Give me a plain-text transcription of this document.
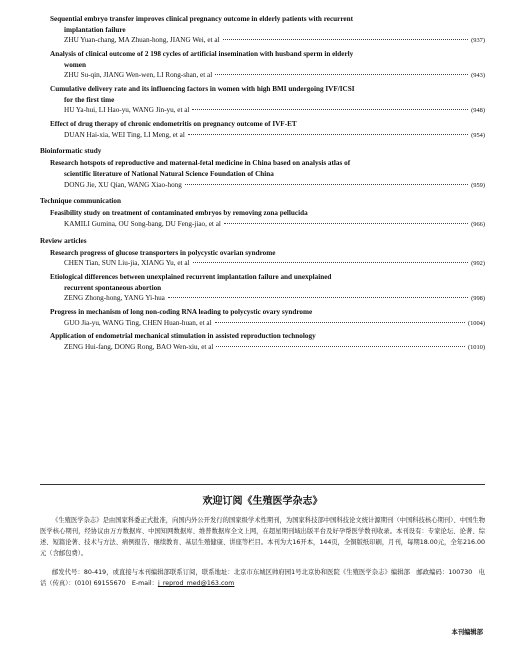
Sequential embryo transfer improves clinical pregnancy outcome in elderly patients with recurrent
implantation failure
ZHU Yuan-chang, MA Zhuan-hong, JIANG Wei, et al	(937)
Analysis of clinical outcome of 2 198 cycles of artificial insemination with husband sperm in elderly
women
ZHU Su-qin, JIANG Wen-wen, LI Rong-shan, et al	(943)
Cumulative delivery rate and its influencing factors in women with high BMI undergoing IVF/ICSI
for the first time
HU Ya-hui, LI Hao-yu, WANG Jin-yu, et al	(948)
Effect of drug therapy of chronic endometritis on pregnancy outcome of IVF-ET
DUAN Hai-xia, WEI Ting, LI Meng, et al	(954)
Bioinformatic study
Research hotspots of reproductive and maternal-fetal medicine in China based on analysis atlas of
scientific literature of National Natural Science Foundation of China
DONG Jie, XU Qian, WANG Xiao-hong	(959)
Technique communication
Feasibility study on treatment of contaminated embryos by removing zona pellucida
KAMILI Gumina, OU Song-bang, DU Feng-jiao, et al	(966)
Review articles
Research progress of glucose transporters in polycystic ovarian syndrome
CHEN Tian, SUN Liu-jia, XIANG Yu, et al	(992)
Etiological differences between unexplained recurrent implantation failure and unexplained
recurrent spontaneous abortion
ZENG Zhong-hong, YANG Yi-hua	(998)
Progress in mechanism of long non-coding RNA leading to polycystic ovary syndrome
GUO Jia-yu, WANG Ting, CHEN Huan-huan, et al	(1004)
Application of endometrial mechanical stimulation in assisted reproduction technology
ZENG Hui-fang, DONG Rong, BAO Wen-xiu, et al	(1010)
欢迎订阅《生殖医学杂志》
《生殖医学杂志》是由国家科委正式批准，向国内外公开发行的国家级学术性期刊，为国家科技部中国科技论文统计源期刊（中国科技核心期刊）、中国生物医学核心期刊，经协议由万方数据库、中国知网数据库、维普数据库全文上网，在超星期刊域出版平台及好孕帮医学数刊收录。本刊设有：专家论坛、论著、综述、短篇论著、技术与方法、病例报告、继续教育、基层生殖健康、讲座等栏目。本刊为大16开本，144页，全铜版纸印刷，月刊，每期18.00元，全年216.00元（含邮包费）。
邮发代号：80-419，或直接与本刊编辑部联系订阅，联系地址：北京市东城区帅府园1号北京协和医院《生殖医学杂志》编辑部　邮政编码：100730　电话（传真）：(010) 69155670　E-mail：j_reprod_med@163.com
本刊编辑部
